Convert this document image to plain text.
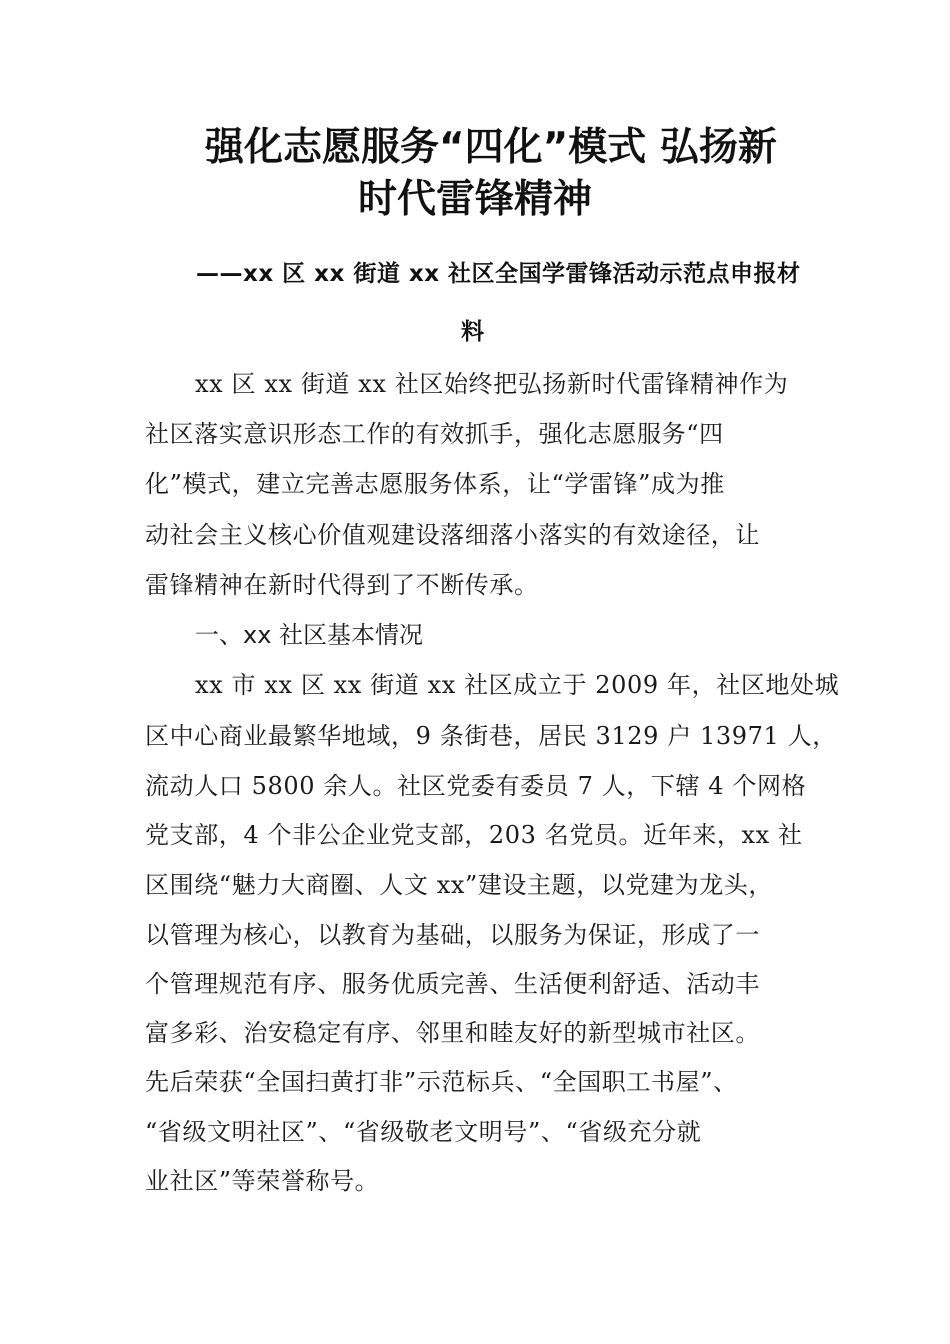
强化志愿服务“四化”模式 弘扬新
时代雷锋精神
——xx 区 xx 街道 xx 社区全国学雷锋活动示范点申报材
料
xx 区 xx 街道 xx 社区始终把弘扬新时代雷锋精神作为
社区落实意识形态工作的有效抓手，强化志愿服务“四
化”模式，建立完善志愿服务体系，让“学雷锋”成为推
动社会主义核心价值观建设落细落小落实的有效途径，让
雷锋精神在新时代得到了不断传承。
一、xx 社区基本情况
xx 市 xx 区 xx 街道 xx 社区成立于 2009 年，社区地处城
区中心商业最繁华地域，9 条街巷，居民 3129 户 13971 人，
流动人口 5800 余人。社区党委有委员 7 人，下辖 4 个网格
党支部，4 个非公企业党支部，203 名党员。近年来，xx 社
区围绕“魅力大商圈、人文 xx”建设主题，以党建为龙头，
以管理为核心，以教育为基础，以服务为保证，形成了一
个管理规范有序、服务优质完善、生活便利舒适、活动丰
富多彩、治安稳定有序、邻里和睦友好的新型城市社区。
先后荣获“全国扫黄打非”示范标兵、“全国职工书屋”、
“省级文明社区”、“省级敬老文明号”、“省级充分就
业社区”等荣誉称号。
